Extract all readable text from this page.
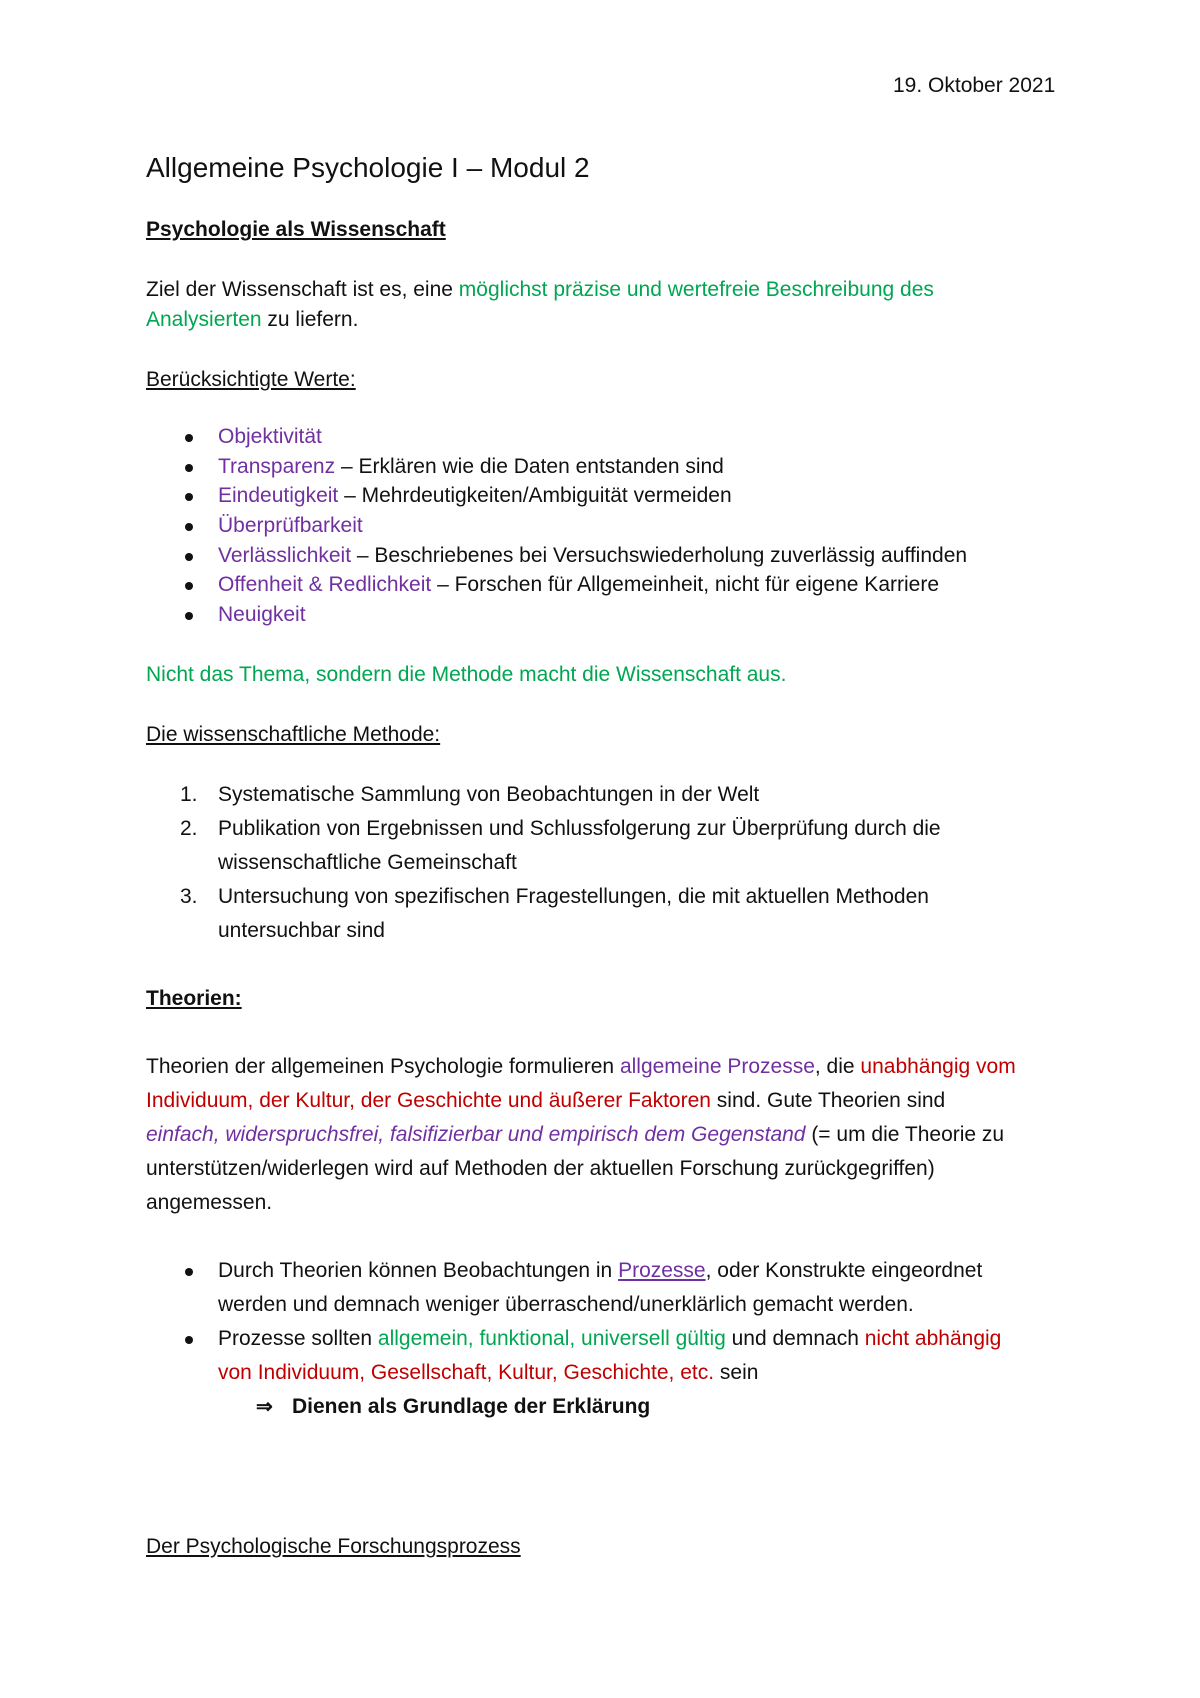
19. Oktober 2021
Allgemeine Psychologie I – Modul 2
Psychologie als Wissenschaft
Ziel der Wissenschaft ist es, eine möglichst präzise und wertefreie Beschreibung des
Analysierten zu liefern.
Berücksichtigte Werte:
Objektivität
Transparenz – Erklären wie die Daten entstanden sind
Eindeutigkeit – Mehrdeutigkeiten/Ambiguität vermeiden
Überprüfbarkeit
Verlässlichkeit – Beschriebenes bei Versuchswiederholung zuverlässig auffinden
Offenheit & Redlichkeit – Forschen für Allgemeinheit, nicht für eigene Karriere
Neuigkeit
Nicht das Thema, sondern die Methode macht die Wissenschaft aus.
Die wissenschaftliche Methode:
1. Systematische Sammlung von Beobachtungen in der Welt
2. Publikation von Ergebnissen und Schlussfolgerung zur Überprüfung durch die
wissenschaftliche Gemeinschaft
3. Untersuchung von spezifischen Fragestellungen, die mit aktuellen Methoden
untersuchbar sind
Theorien:
Theorien der allgemeinen Psychologie formulieren allgemeine Prozesse, die unabhängig vom
Individuum, der Kultur, der Geschichte und äußerer Faktoren sind. Gute Theorien sind
einfach, widerspruchsfrei, falsifizierbar und empirisch dem Gegenstand (= um die Theorie zu
unterstützen/widerlegen wird auf Methoden der aktuellen Forschung zurückgegriffen)
angemessen.
Durch Theorien können Beobachtungen in Prozesse, oder Konstrukte eingeordnet
werden und demnach weniger überraschend/unerklärlich gemacht werden.
Prozesse sollten allgemein, funktional, universell gültig und demnach nicht abhängig
von Individuum, Gesellschaft, Kultur, Geschichte, etc. sein
⇒ Dienen als Grundlage der Erklärung
Der Psychologische Forschungsprozess
